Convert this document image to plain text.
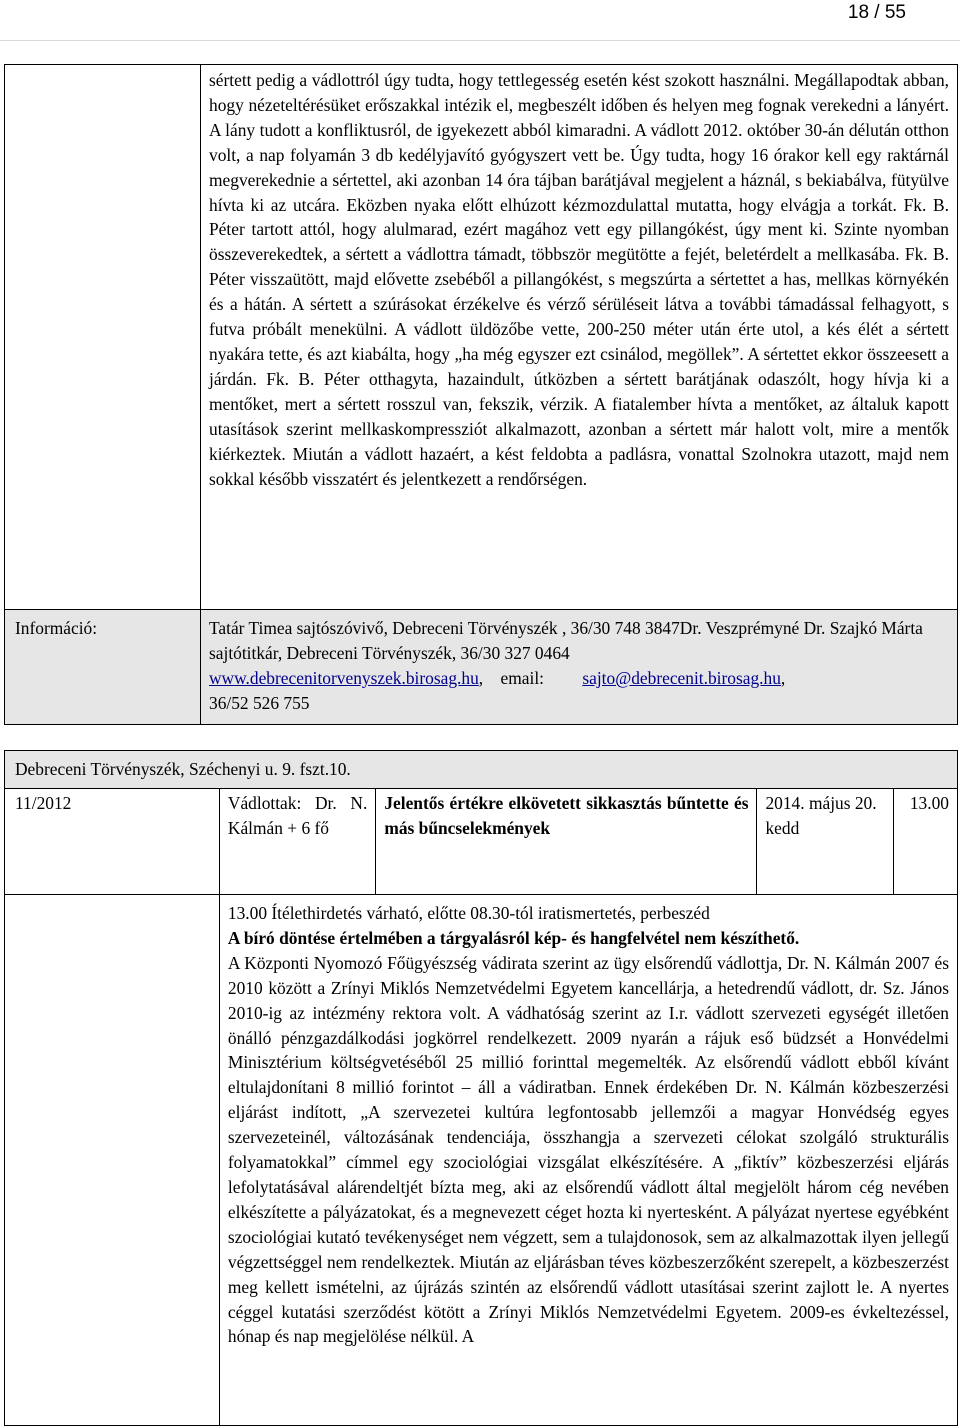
18 / 55

	sértett pedig a vádlottról úgy tudta, hogy tettlegesség esetén kést szokott használni. Megállapodtak abban, hogy nézeteltérésüket erőszakkal intézik el, megbeszélt időben és helyen meg fognak verekedni a lányért. A lány tudott a konfliktusról, de igyekezett abból kimaradni. A vádlott 2012. október 30-án délután otthon volt, a nap folyamán 3 db kedélyjavító gyógyszert vett be. Úgy tudta, hogy 16 órakor kell egy raktárnál megverekednie a sértettel, aki azonban 14 óra tájban barátjával megjelent a háznál, s bekiabálva, fütyülve hívta ki az utcára. Eközben nyaka előtt elhúzott kézmozdulattal mutatta, hogy elvágja a torkát. Fk. B. Péter tartott attól, hogy alulmarad, ezért magához vett egy pillangókést, úgy ment ki. Szinte nyomban összeverekedtek, a sértett a vádlottra támadt, többször megütötte a fejét, beletérdelt a mellkasába. Fk. B. Péter visszaütött, majd elővette zsebéből a pillangókést, s megszúrta a sértettet a has, mellkas környékén és a hátán. A sértett a szúrásokat érzékelve és vérző sérüléseit látva a további támadással felhagyott, s futva próbált menekülni. A vádlott üldözőbe vette, 200-250 méter után érte utol, a kés élét a sértett nyakára tette, és azt kiabálta, hogy „ha még egyszer ezt csinálod, megöllek”. A sértettet ekkor összeesett a járdán. Fk. B. Péter otthagyta, hazaindult, útközben a sértett barátjának odaszólt, hogy hívja ki a mentőket, mert a sértett rosszul van, fekszik, vérzik. A fiatalember hívta a mentőket, az általuk kapott utasítások szerint mellkaskompressziót alkalmazott, azonban a sértett már halott volt, mire a mentők kiérkeztek. Miután a vádlott hazaért, a kést feldobta a padlásra, vonattal Szolnokra utazott, majd nem sokkal később visszatért és jelentkezett a rendőrségen.

Információ:	Tatár Timea sajtószóvivő, Debreceni Törvényszék , 36/30 748 3847Dr. Veszprémyné Dr. Szajkó Márta sajtótitkár, Debreceni Törvényszék, 36/30 327 0464
www.debrecenitorvenyszek.birosag.hu,    email: sajto@debrecenit.birosag.hu,
36/52 526 755

Debreceni Törvényszék, Széchenyi u. 9. fszt.10.				
11/2012	Vádlottak: Dr. N. Kálmán + 6 fő	Jelentős értékre elkövetett sikkasztás bűntette és más bűncselekmények	2014. május 20. kedd	13.00

	13.00 Ítélethirdetés várható, előtte 08.30-tól iratismertetés, perbeszéd

A bíró döntése értelmében a tárgyalásról kép- és hangfelvétel nem készíthető.

A Központi Nyomozó Főügyészség vádirata szerint az ügy elsőrendű vádlottja, Dr. N. Kálmán 2007 és 2010 között a Zrínyi Miklós Nemzetvédelmi Egyetem kancellárja, a hetedrendű vádlott, dr. Sz. János 2010-ig az intézmény rektora volt. A vádhatóság szerint az I.r. vádlott szervezeti egységét illetően önálló pénzgazdálkodási jogkörrel rendelkezett. 2009 nyarán a rájuk eső büdzsét a Honvédelmi Minisztérium költségvetéséből 25 millió forinttal megemelték. Az elsőrendű vádlott ebből kívánt eltulajdonítani 8 millió forintot – áll a vádiratban. Ennek érdekében Dr. N. Kálmán közbeszerzési eljárást indított, „A szervezetei kultúra legfontosabb jellemzői a magyar Honvédség egyes szervezeteinél, változásának tendenciája, összhangja a szervezeti célokat szolgáló strukturális folyamatokkal” címmel egy szociológiai vizsgálat elkészítésére. A „fiktív” közbeszerzési eljárás lefolytatásával alárendeltjét bízta meg, aki az elsőrendű vádlott által megjelölt három cég nevében elkészítette a pályázatokat, és a megnevezett céget hozta ki nyertesként. A pályázat nyertese egyébként szociológiai kutató tevékenységet nem végzett, sem a tulajdonosok, sem az alkalmazottak ilyen jellegű végzettséggel nem rendelkeztek. Miután az eljárásban téves közbeszerzőként szerepelt, a közbeszerzést meg kellett ismételni, az újrázás szintén az elsőrendű vádlott utasításai szerint zajlott le. A nyertes céggel kutatási szerződést kötött a Zrínyi Miklós Nemzetvédelmi Egyetem. 2009-es évkeltezéssel, hónap és nap megjelölése nélkül. A			
